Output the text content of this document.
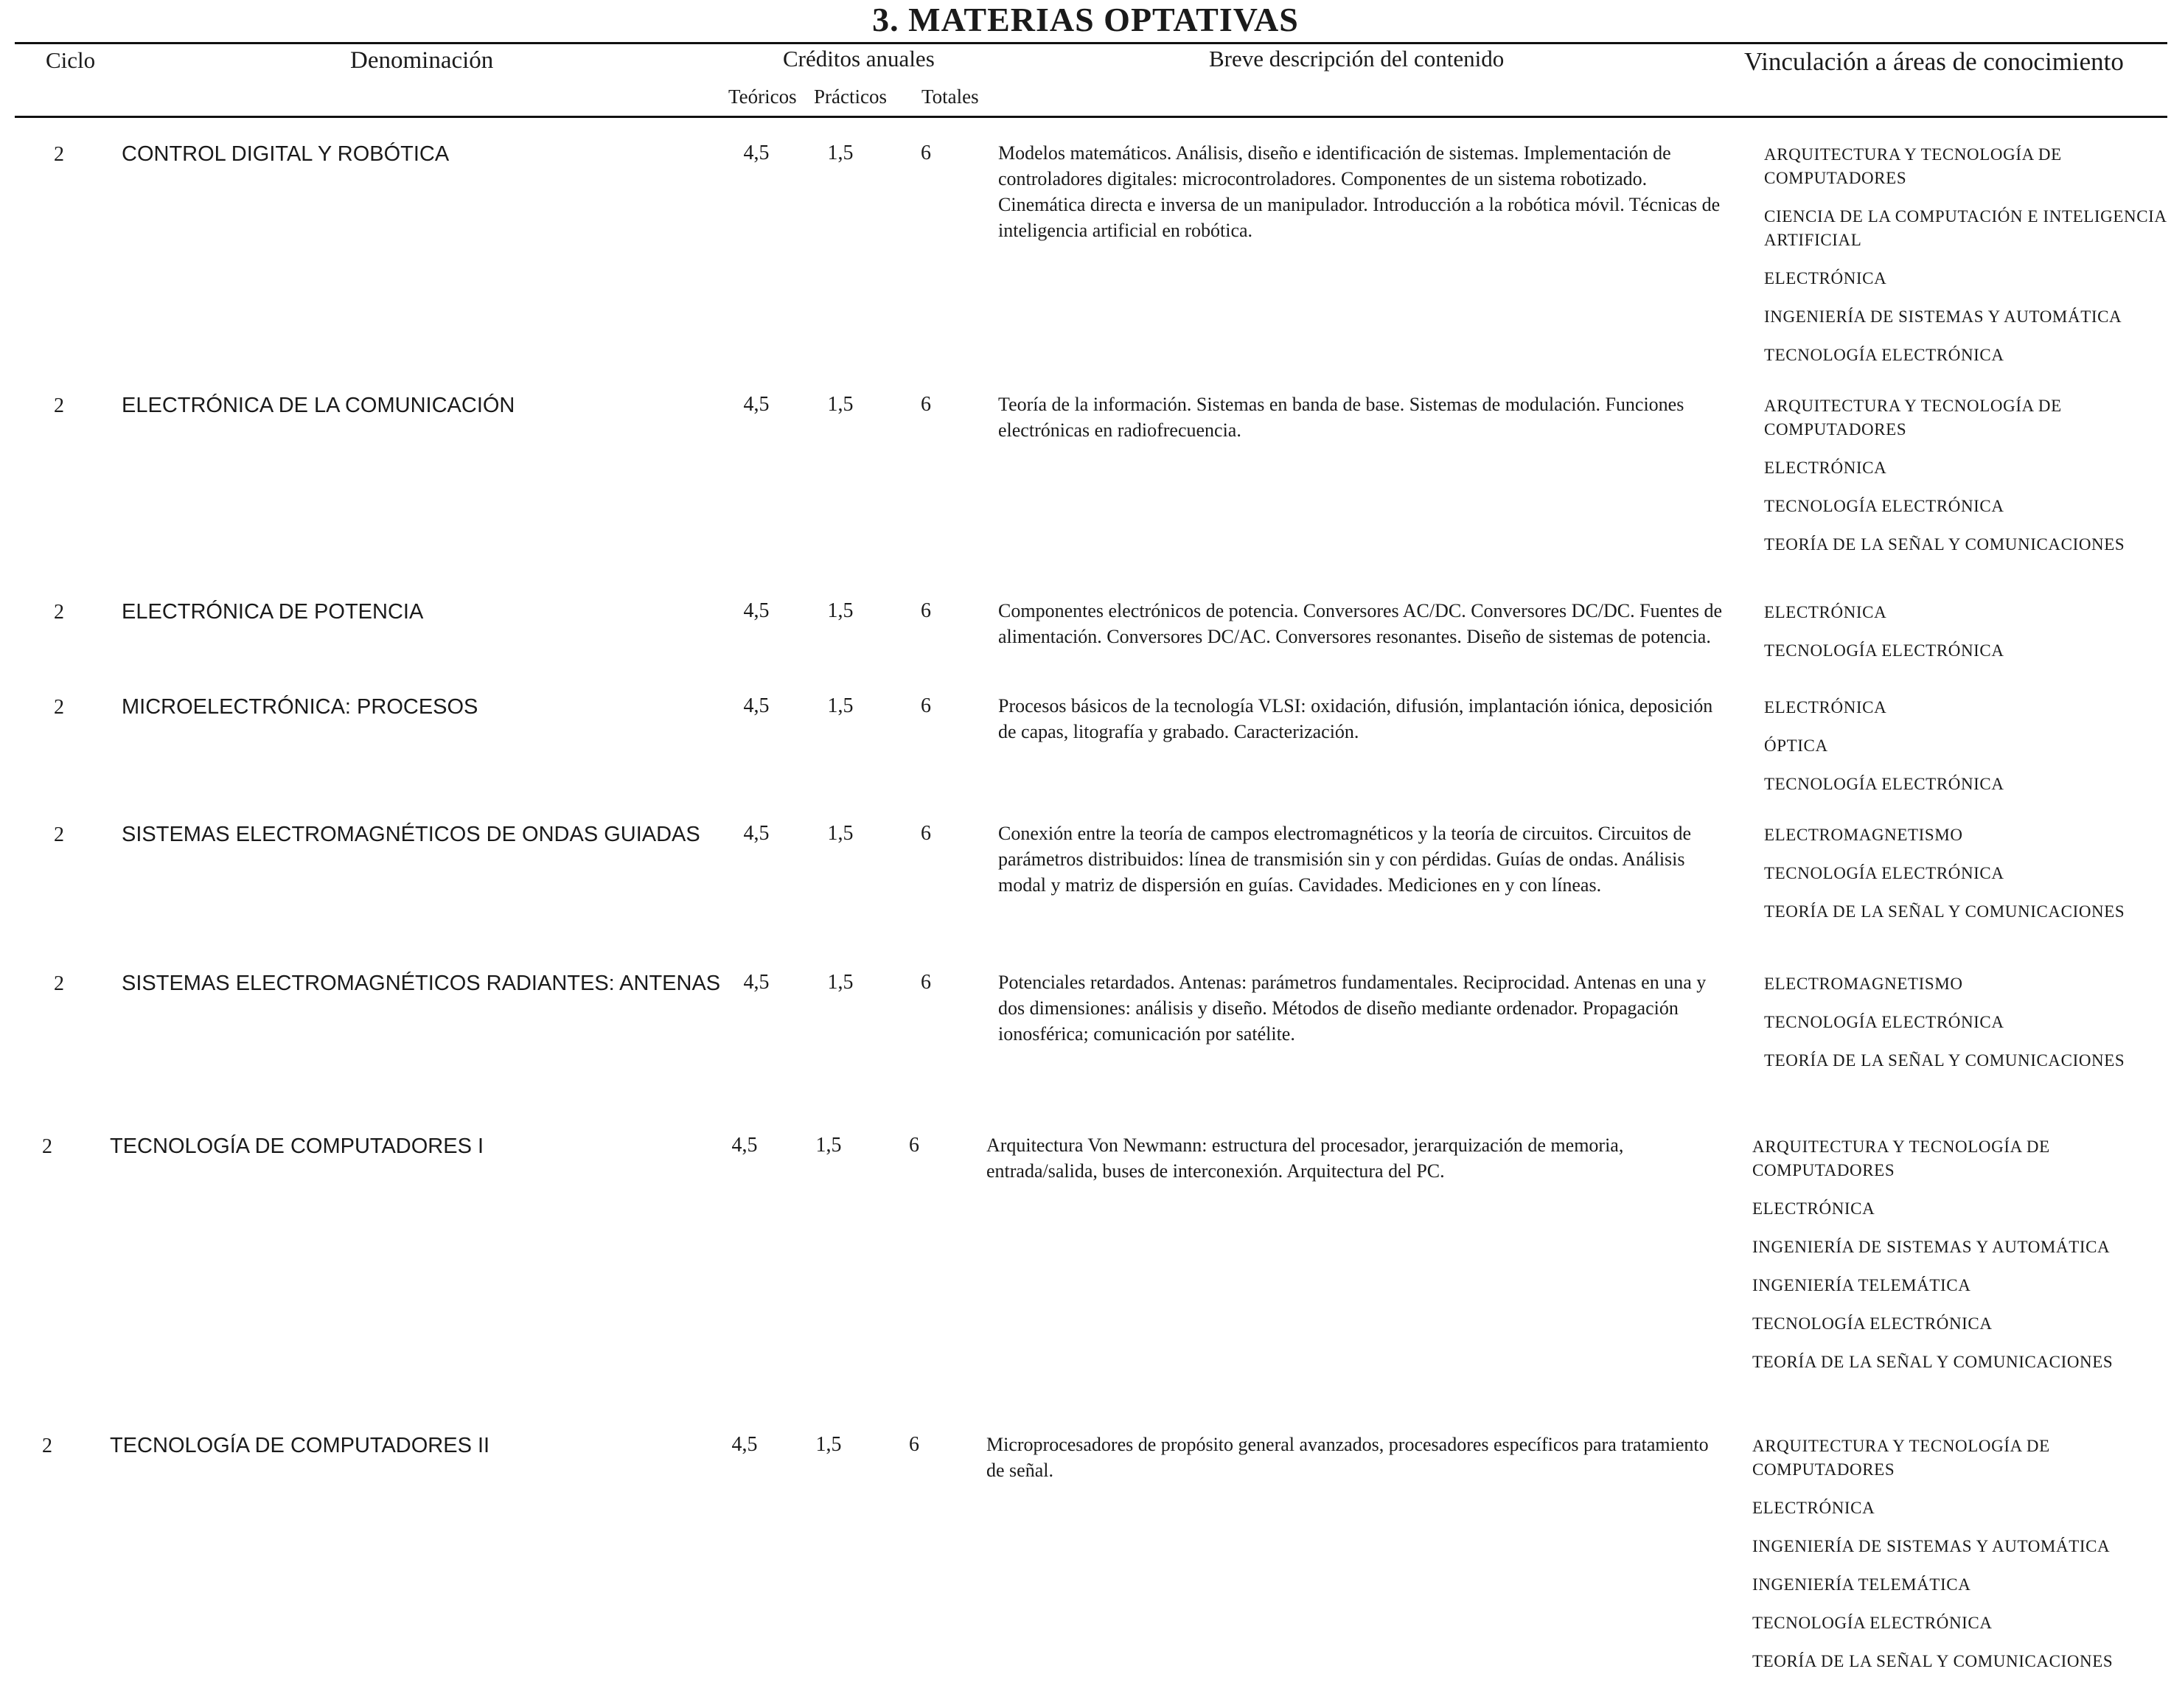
3. MATERIAS OPTATIVAS
Ciclo	Denominación	Créditos anuales
Teóricos Prácticos Totales
Breve descripción del contenido	Vinculación a áreas de conocimiento
2	CONTROL DIGITAL Y ROBÓTICA	4,5	1,5	6	Modelos matemáticos. Análisis, diseño e identificación de sistemas. Implementación de controladores digitales: microcontroladores. Componentes de un sistema robotizado. Cinemática directa e inversa de un manipulador. Introducción a la robótica móvil. Técnicas de inteligencia artificial en robótica.
ARQUITECTURA Y TECNOLOGÍA DE COMPUTADORES
CIENCIA DE LA COMPUTACIÓN E INTELIGENCIA ARTIFICIAL
ELECTRÓNICA
INGENIERÍA DE SISTEMAS Y AUTOMÁTICA
TECNOLOGÍA ELECTRÓNICA
2	ELECTRÓNICA DE LA COMUNICACIÓN	4,5	1,5	6	Teoría de la información. Sistemas en banda de base. Sistemas de modulación. Funciones electrónicas en radiofrecuencia.
ARQUITECTURA Y TECNOLOGÍA DE COMPUTADORES
ELECTRÓNICA
TECNOLOGÍA ELECTRÓNICA
TEORÍA DE LA SEÑAL Y COMUNICACIONES
2	ELECTRÓNICA DE POTENCIA	4,5	1,5	6	Componentes electrónicos de potencia. Conversores AC/DC. Conversores DC/DC. Fuentes de alimentación. Conversores DC/AC. Conversores resonantes. Diseño de sistemas de potencia.
ELECTRÓNICA
TECNOLOGÍA ELECTRÓNICA
2	MICROELECTRÓNICA: PROCESOS	4,5	1,5	6	Procesos básicos de la tecnología VLSI: oxidación, difusión, implantación iónica, deposición de capas, litografía y grabado. Caracterización.
ELECTRÓNICA
ÓPTICA
TECNOLOGÍA ELECTRÓNICA
2	SISTEMAS ELECTROMAGNÉTICOS DE ONDAS GUIADAS	4,5	1,5	6	Conexión entre la teoría de campos electromagnéticos y la teoría de circuitos. Circuitos de parámetros distribuidos: línea de transmisión sin y con pérdidas. Guías de ondas. Análisis modal y matriz de dispersión en guías. Cavidades. Mediciones en y con líneas.
ELECTROMAGNETISMO
TECNOLOGÍA ELECTRÓNICA
TEORÍA DE LA SEÑAL Y COMUNICACIONES
2	SISTEMAS ELECTROMAGNÉTICOS RADIANTES: ANTENAS	4,5	1,5	6	Potenciales retardados. Antenas: parámetros fundamentales. Reciprocidad. Antenas en una y dos dimensiones: análisis y diseño. Métodos de diseño mediante ordenador. Propagación ionosférica; comunicación por satélite.
ELECTROMAGNETISMO
TECNOLOGÍA ELECTRÓNICA
TEORÍA DE LA SEÑAL Y COMUNICACIONES
2	TECNOLOGÍA DE COMPUTADORES I	4,5	1,5	6	Arquitectura Von Newmann: estructura del procesador, jerarquización de memoria, entrada/salida, buses de interconexión. Arquitectura del PC.
ARQUITECTURA Y TECNOLOGÍA DE COMPUTADORES
ELECTRÓNICA
INGENIERÍA DE SISTEMAS Y AUTOMÁTICA
INGENIERÍA TELEMÁTICA
TECNOLOGÍA ELECTRÓNICA
TEORÍA DE LA SEÑAL Y COMUNICACIONES
2	TECNOLOGÍA DE COMPUTADORES II	4,5	1,5	6	Microprocesadores de propósito general avanzados, procesadores específicos para tratamiento de señal.
ARQUITECTURA Y TECNOLOGÍA DE COMPUTADORES
ELECTRÓNICA
INGENIERÍA DE SISTEMAS Y AUTOMÁTICA
INGENIERÍA TELEMÁTICA
TECNOLOGÍA ELECTRÓNICA
TEORÍA DE LA SEÑAL Y COMUNICACIONES
